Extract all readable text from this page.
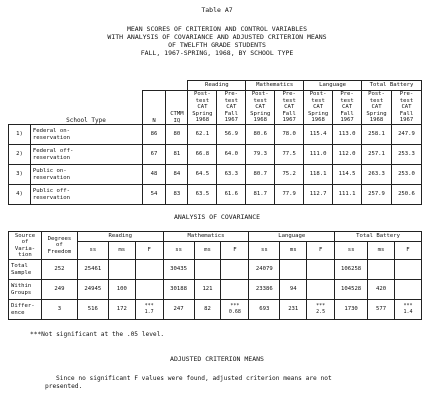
Table A7
MEAN SCORES OF CRITERION AND CONTROL VARIABLES
WITH ANALYSIS OF COVARIANCE AND ADJUSTED CRITERION MEANS
OF TWELFTH GRADE STUDENTS
FALL, 1967-SPRING, 1968, BY SCHOOL TYPE
				Reading		Mathematics		Language		Total Battery	
	School Type	N	CTMM
IQ	Post-
test
CAT
Spring
1968	Pre-
test
CAT
Fall
1967	Post-
test
CAT
Spring
1968	Pre-
test
CAT
Fall
1967	Post-
test
CAT
Spring
1968	Pre-
test
CAT
Fall
1967	Post-
test
CAT
Spring
1968	Pre-
test
CAT
Fall
1967

1)	Federal on-
reservation	86	80	62.1	56.9	80.6	78.0	115.4	113.0	258.1	247.9
2)	Federal off-
reservation	67	81	66.8	64.0	79.3	77.5	111.0	112.0	257.1	253.3
3)	Public on-
reservation	48	84	64.5	63.3	80.7	75.2	118.1	114.5	263.3	253.0
4)	Public off-
reservation	54	83	63.5	61.6	81.7	77.9	112.7	111.1	257.9	250.6
ANALYSIS OF COVARIANCE
Source
of
Varia-
tion	Degrees
of
Freedom	Reading			Mathematics			Language			Total Battery		
		ss	ms	F	ss	ms	F	ss	ms	F	ss	ms	F

Total
Sample	252	25461			30435			24079			106258		

Within
Groups	249	24945	100		30188	121		23386	94		104528	420	

Differ-
ence	3	516	172	***
1.7	247	82	***
0.68	693	231	***
2.5	1730	577	***
1.4
***Not significant at the .05 level.
ADJUSTED CRITERION MEANS
Since no significant F values were found, adjusted criterion means are not
presented.
